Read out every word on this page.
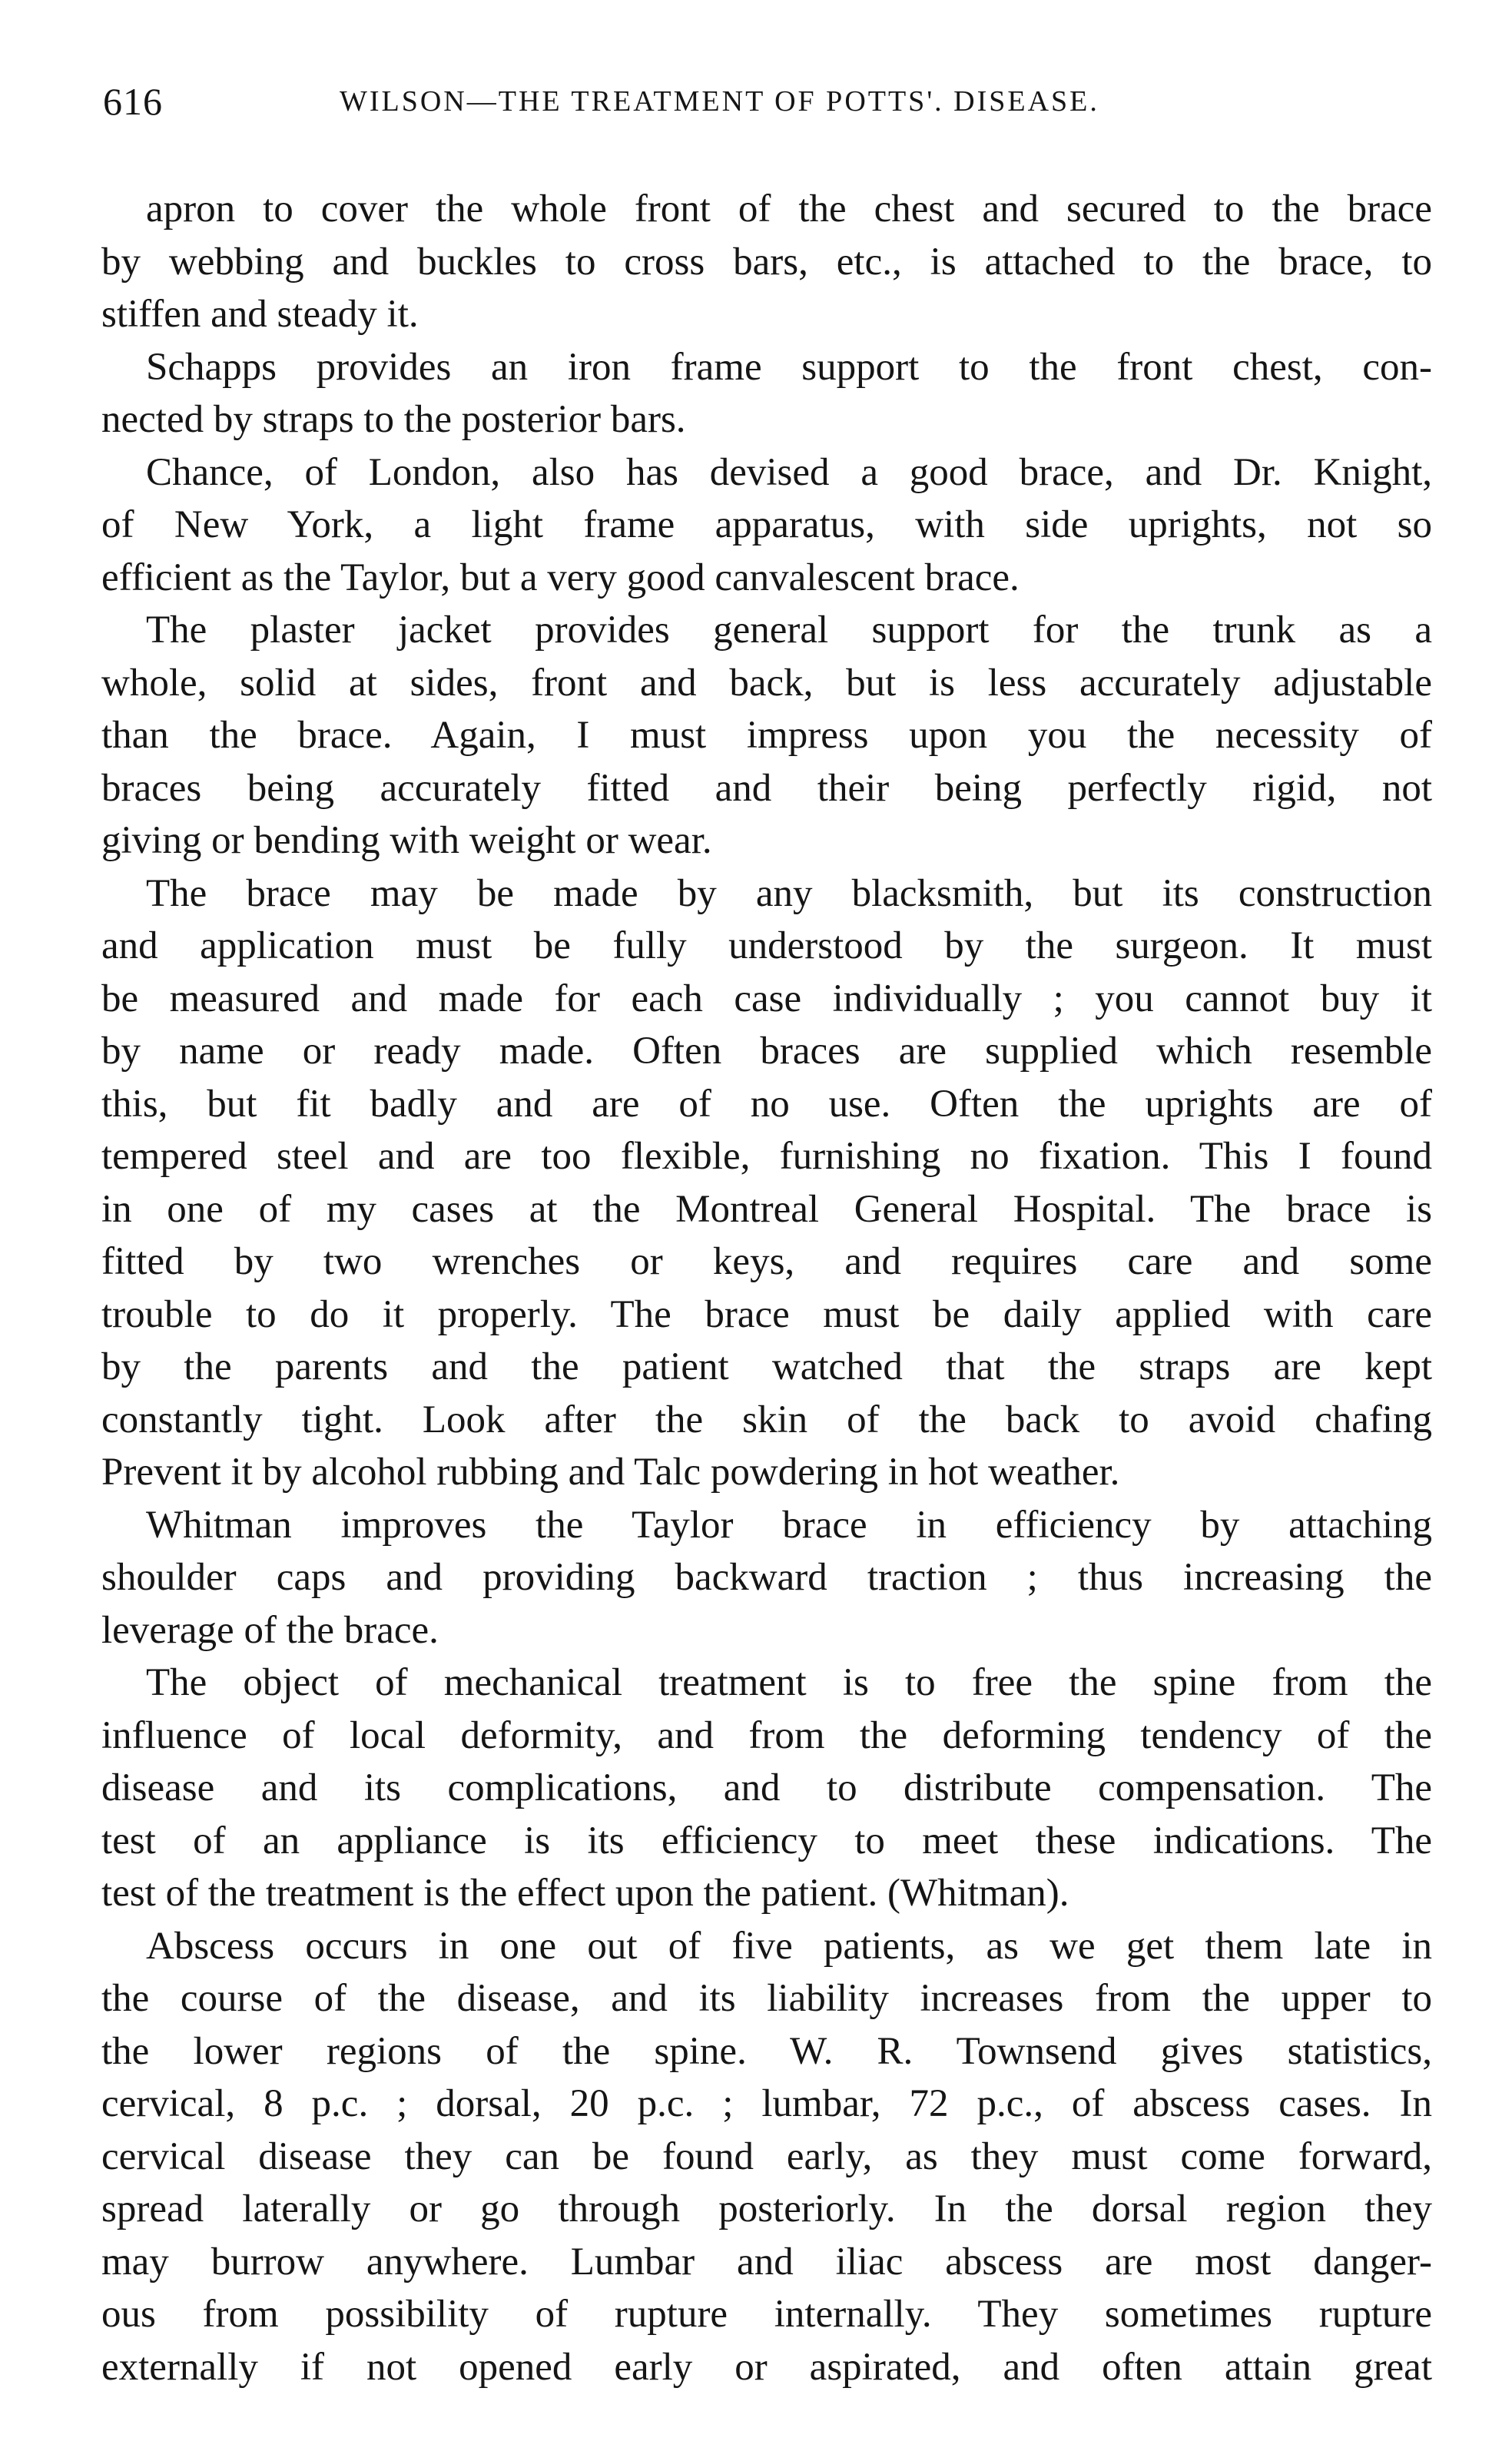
616	WILSON—THE TREATMENT OF POTTS'. DISEASE.
apron to cover the whole front of the chest and secured to the brace
by webbing and buckles to cross bars, etc., is attached to the brace, to
stiffen and steady it.
Schapps provides an iron frame support to the front chest, con-
nected by straps to the posterior bars.
Chance, of London, also has devised a good brace, and Dr. Knight,
of New York, a light frame apparatus, with side uprights, not so
efficient as the Taylor, but a very good canvalescent brace.
The plaster jacket provides general support for the trunk as a
whole, solid at sides, front and back, but is less accurately adjustable
than the brace. Again, I must impress upon you the necessity of
braces being accurately fitted and their being perfectly rigid, not
giving or bending with weight or wear.
The brace may be made by any blacksmith, but its construction
and application must be fully understood by the surgeon. It must
be measured and made for each case individually ; you cannot buy it
by name or ready made. Often braces are supplied which resemble
this, but fit badly and are of no use. Often the uprights are of
tempered steel and are too flexible, furnishing no fixation. This I found
in one of my cases at the Montreal General Hospital. The brace is
fitted by two wrenches or keys, and requires care and some
trouble to do it properly. The brace must be daily applied with care
by the parents and the patient watched that the straps are kept
constantly tight. Look after the skin of the back to avoid chafing
Prevent it by alcohol rubbing and Talc powdering in hot weather.
Whitman improves the Taylor brace in efficiency by attaching
shoulder caps and providing backward traction ; thus increasing the
leverage of the brace.
The object of mechanical treatment is to free the spine from the
influence of local deformity, and from the deforming tendency of the
disease and its complications, and to distribute compensation. The
test of an appliance is its efficiency to meet these indications. The
test of the treatment is the effect upon the patient. (Whitman).
Abscess occurs in one out of five patients, as we get them late in
the course of the disease, and its liability increases from the upper to
the lower regions of the spine. W. R. Townsend gives statistics,
cervical, 8 p.c. ; dorsal, 20 p.c. ; lumbar, 72 p.c., of abscess cases. In
cervical disease they can be found early, as they must come forward,
spread laterally or go through posteriorly. In the dorsal region they
may burrow anywhere. Lumbar and iliac abscess are most danger-
ous from possibility of rupture internally. They sometimes rupture
externally if not opened early or aspirated, and often attain great
